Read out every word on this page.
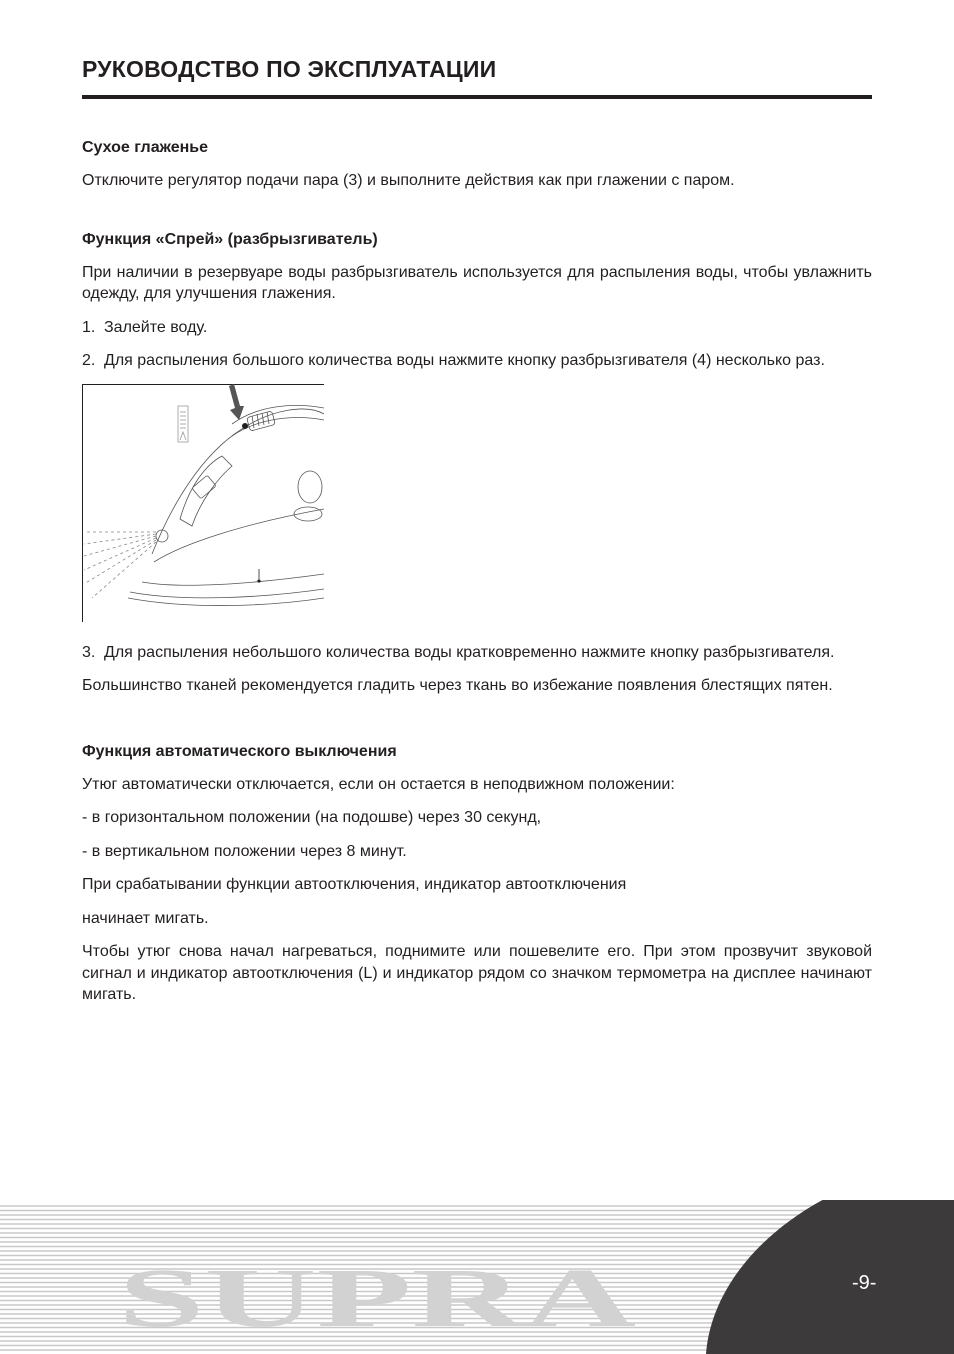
РУКОВОДСТВО ПО ЭКСПЛУАТАЦИИ
Сухое глаженье

Отключите регулятор подачи пара (3) и выполните действия как при глажении с паром.

Функция «Спрей» (разбрызгиватель)

При наличии в резервуаре воды разбрызгиватель используется для распыления воды, чтобы увлажнить одежду, для улучшения глажения.

1. Залейте воду.
2. Для распыления большого количества воды нажмите кнопку разбрызгивателя (4) несколько раз.
3. Для распыления небольшого количества воды кратковременно нажмите кнопку разбрызгивателя.

Большинство тканей рекомендуется гладить через ткань во избежание появления блестящих пятен.

Функция автоматического выключения

Утюг автоматически отключается, если он остается в неподвижном положении:

- в горизонтальном положении (на подошве) через 30 секунд,

- в вертикальном положении через 8 минут.

При срабатывании функции автоотключения, индикатор автоотключения

начинает мигать.

Чтобы утюг снова начал нагреваться, поднимите или пошевелите его. При этом прозвучит звуковой сигнал и индикатор автоотключения (L) и индикатор рядом со значком термометра на дисплее начинают мигать.

SUPRA	-9-
